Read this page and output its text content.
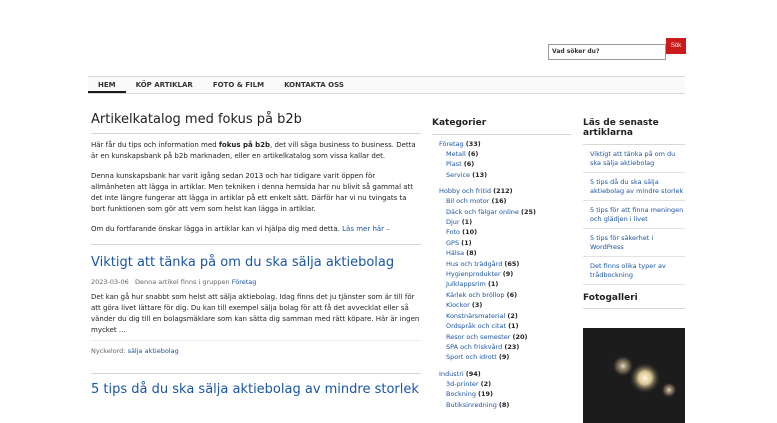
Vad söker du?
Sök
HEM	KÖP ARTIKLAR	FOTO & FILM	KONTAKTA OSS
Artikelkatalog med fokus på b2b

Här får du tips och information med fokus på b2b, det vill säga business to business. Detta är en kunskapsbank på b2b marknaden, eller en artikelkatalog som vissa kallar det.

Denna kunskapsbank har varit igång sedan 2013 och har tidigare varit öppen för allmänheten att lägga in artiklar. Men tekniken i denna hemsida har nu blivit så gammal att det inte längre fungerar att lägga in artiklar på ett enkelt sätt. Därför har vi nu tvingats ta bort funktionen som gör att vem som helst kan lägga in artiklar.

Om du fortfarande önskar lägga in artiklar kan vi hjälpa dig med detta. Läs mer här –

Viktigt att tänka på om du ska sälja aktiebolag
2023-03-06 Denna artikel finns i gruppen Företag

Det kan gå hur snabbt som helst att sälja aktiebolag. Idag finns det ju tjänster som är till för att göra livet lättare för dig. Du kan till exempel sälja bolag för att få det avvecklat eller så vänder du dig till en bolagsmäklare som kan sätta dig samman med rätt köpare. Här är ingen mycket ...

Nyckelord: sälja aktiebolag
5 tips då du ska sälja aktiebolag av mindre storlek
Kategorier
Företag (33)
Metall (6)
Plast (6)
Service (13)
Hobby och fritid (212)
Bil och motor (16)
Däck och fälgar online (25)
Djur (1)
Foto (10)
GPS (1)
Hälsa (8)
Hus och trädgård (65)
Hygienprodukter (9)
Julklappsrim (1)
Kärlek och bröllop (6)
Klockor (3)
Konstnärsmaterial (2)
Ordspråk och citat (1)
Resor och semester (20)
SPA och friskvård (23)
Sport och idrott (9)
Industri (94)
3d-printer (2)
Bockning (19)
Butiksinredning (8)
Läs de senaste artiklarna
Viktigt att tänka på om du ska sälja aktiebolag
5 tips då du ska sälja aktiebolag av mindre storlek
5 tips för att finna meningen och glädjen i livet
5 tips för säkerhet i WordPress
Det finns olika typer av trådbockning
Fotogalleri
